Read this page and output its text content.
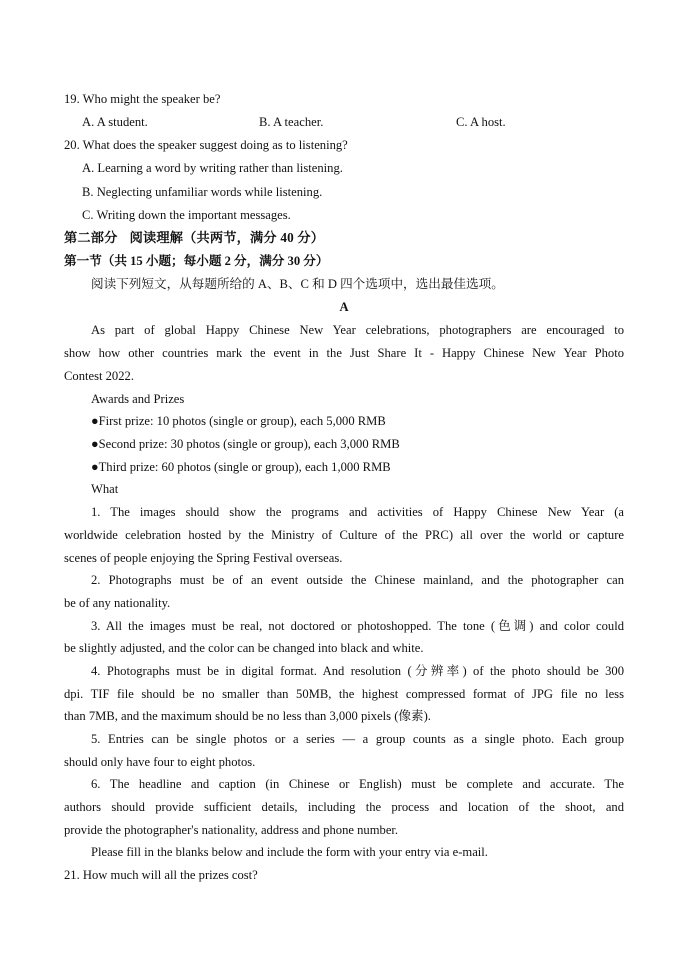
19. Who might the speaker be?
A. A student.	B. A teacher.	C. A host.
20. What does the speaker suggest doing as to listening?
A. Learning a word by writing rather than listening.
B. Neglecting unfamiliar words while listening.
C. Writing down the important messages.
第二部分 阅读理解（共两节，满分 40 分）
第一节（共 15 小题；每小题 2 分，满分 30 分）
阅读下列短文，从每题所给的 A、B、C 和 D 四个选项中，选出最佳选项。
A
As part of global Happy Chinese New Year celebrations, photographers are encouraged to
show how other countries mark the event in the Just Share It - Happy Chinese New Year Photo
Contest 2022.
Awards and Prizes
●First prize: 10 photos (single or group), each 5,000 RMB
●Second prize: 30 photos (single or group), each 3,000 RMB
●Third prize: 60 photos (single or group), each 1,000 RMB
What
1. The images should show the programs and activities of Happy Chinese New Year (a
worldwide celebration hosted by the Ministry of Culture of the PRC) all over the world or capture
scenes of people enjoying the Spring Festival overseas.
2. Photographs must be of an event outside the Chinese mainland, and the photographer can
be of any nationality.
3. All the images must be real, not doctored or photoshopped. The tone (色调) and color could
be slightly adjusted, and the color can be changed into black and white.
4. Photographs must be in digital format. And resolution (分辨率) of the photo should be 300
dpi. TIF file should be no smaller than 50MB, the highest compressed format of JPG file no less
than 7MB, and the maximum should be no less than 3,000 pixels (像素).
5. Entries can be single photos or a series — a group counts as a single photo. Each group
should only have four to eight photos.
6. The headline and caption (in Chinese or English) must be complete and accurate. The
authors should provide sufficient details, including the process and location of the shoot, and
provide the photographer's nationality, address and phone number.
Please fill in the blanks below and include the form with your entry via e-mail.
21. How much will all the prizes cost?
